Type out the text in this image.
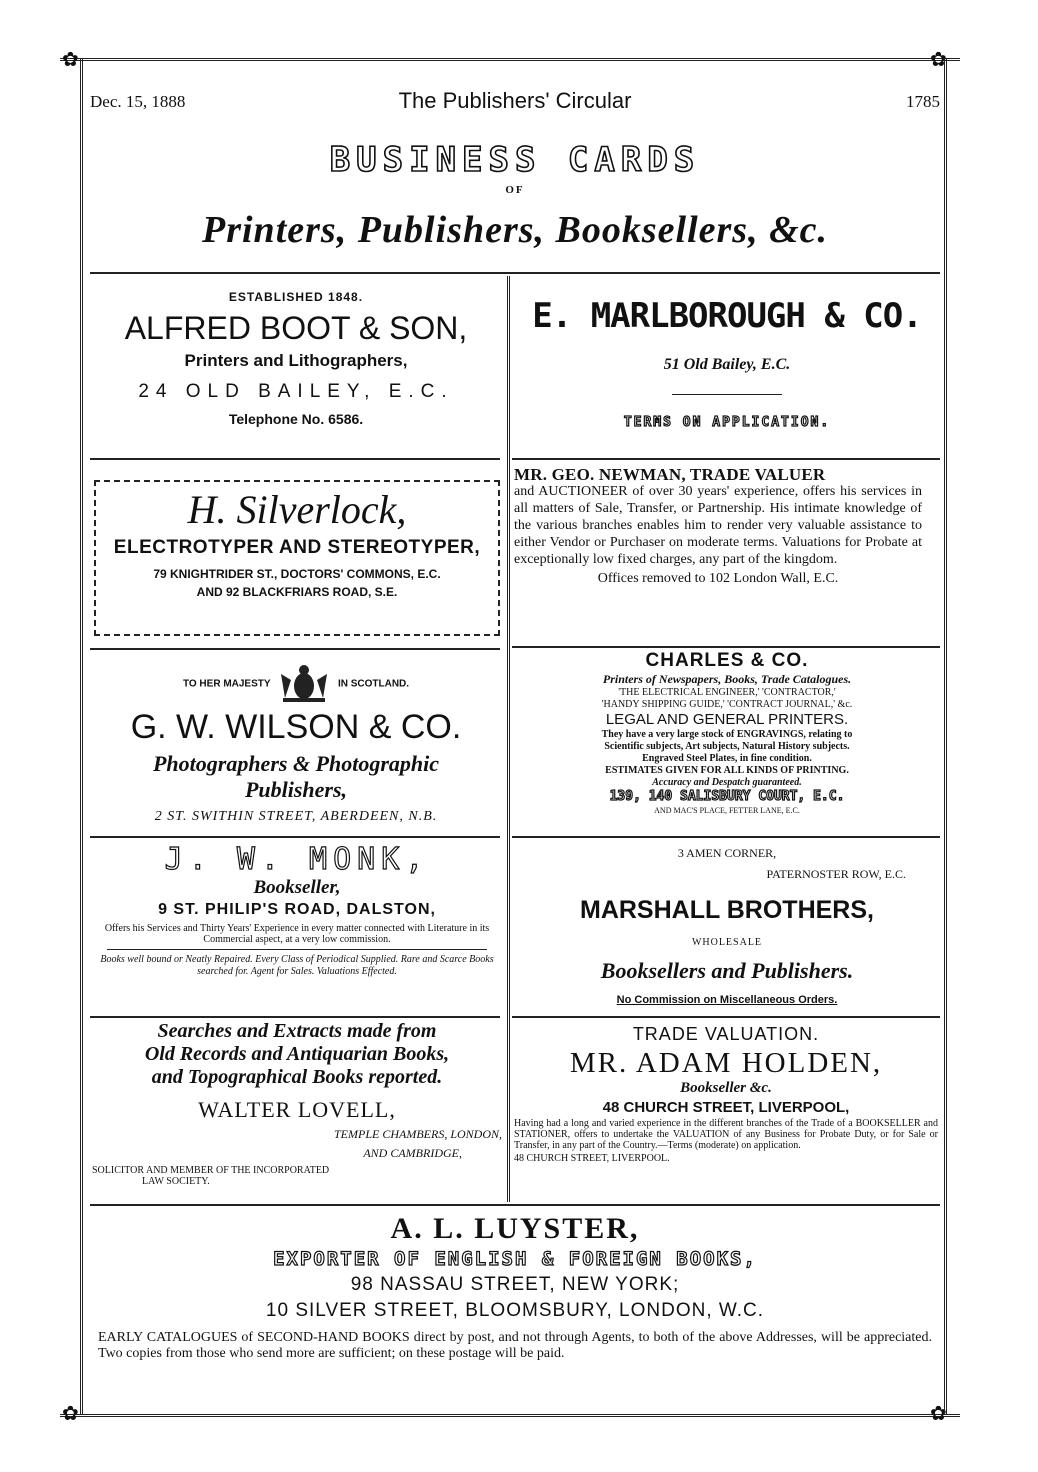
✿	✿
✿	✿
Dec. 15, 1888	The Publishers' Circular	1785
BUSINESS CARDS
OF
Printers, Publishers, Booksellers, &c.
ESTABLISHED 1848.
ALFRED BOOT & SON,
Printers and Lithographers,
24 OLD BAILEY, E.C.
Telephone No. 6586.
E. MARLBOROUGH & CO.
51 Old Bailey, E.C.
TERMS ON APPLICATION.
H. Silverlock,
ELECTROTYPER AND STEREOTYPER,
79 KNIGHTRIDER ST., DOCTORS' COMMONS, E.C.
AND 92 BLACKFRIARS ROAD, S.E.
MR. GEO. NEWMAN, TRADE VALUER
and AUCTIONEER of over 30 years' experience, offers his services in all matters of Sale, Transfer, or Partnership. His intimate knowledge of the various branches enables him to render very valuable assistance to either Vendor or Purchaser on moderate terms. Valuations for Probate at exceptionally low fixed charges, any part of the kingdom.
Offices removed to 102 London Wall, E.C.
TO HER MAJESTY	IN SCOTLAND.
G. W. WILSON & CO.
Photographers & Photographic
Publishers,
2 ST. SWITHIN STREET, ABERDEEN, N.B.
CHARLES & CO.
Printers of Newspapers, Books, Trade Catalogues.
'THE ELECTRICAL ENGINEER,' 'CONTRACTOR,'
'HANDY SHIPPING GUIDE,' 'CONTRACT JOURNAL,' &c.
LEGAL AND GENERAL PRINTERS.
They have a very large stock of ENGRAVINGS, relating to
Scientific subjects, Art subjects, Natural History subjects.
Engraved Steel Plates, in fine condition.
ESTIMATES GIVEN FOR ALL KINDS OF PRINTING.
Accuracy and Despatch guaranteed.
139, 140 SALISBURY COURT, E.C.
AND MAC'S PLACE, FETTER LANE, E.C.
J. W. MONK,
Bookseller,
9 ST. PHILIP'S ROAD, DALSTON,
Offers his Services and Thirty Years' Experience in every matter connected with Literature in its Commercial aspect, at a very low commission.
Books well bound or Neatly Repaired. Every Class of Periodical Supplied. Rare and Scarce Books searched for. Agent for Sales. Valuations Effected.
3 AMEN CORNER,
PATERNOSTER ROW, E.C.
MARSHALL BROTHERS,
WHOLESALE
Booksellers and Publishers.
No Commission on Miscellaneous Orders.
Searches and Extracts made from
Old Records and Antiquarian Books,
and Topographical Books reported.
WALTER LOVELL,
TEMPLE CHAMBERS, LONDON,
AND CAMBRIDGE,
SOLICITOR AND MEMBER OF THE INCORPORATED
LAW SOCIETY.
TRADE VALUATION.
MR. ADAM HOLDEN,
Bookseller &c.
48 CHURCH STREET, LIVERPOOL,
Having had a long and varied experience in the different branches of the Trade of a BOOKSELLER and STATIONER, offers to undertake the VALUATION of any Business for Probate Duty, or for Sale or Transfer, in any part of the Country.—Terms (moderate) on application.
48 CHURCH STREET, LIVERPOOL.
A. L. LUYSTER,
EXPORTER OF ENGLISH & FOREIGN BOOKS,
98 NASSAU STREET, NEW YORK;
10 SILVER STREET, BLOOMSBURY, LONDON, W.C.
EARLY CATALOGUES of SECOND-HAND BOOKS direct by post, and not through Agents, to both of the above Addresses, will be appreciated. Two copies from those who send more are sufficient; on these postage will be paid.
